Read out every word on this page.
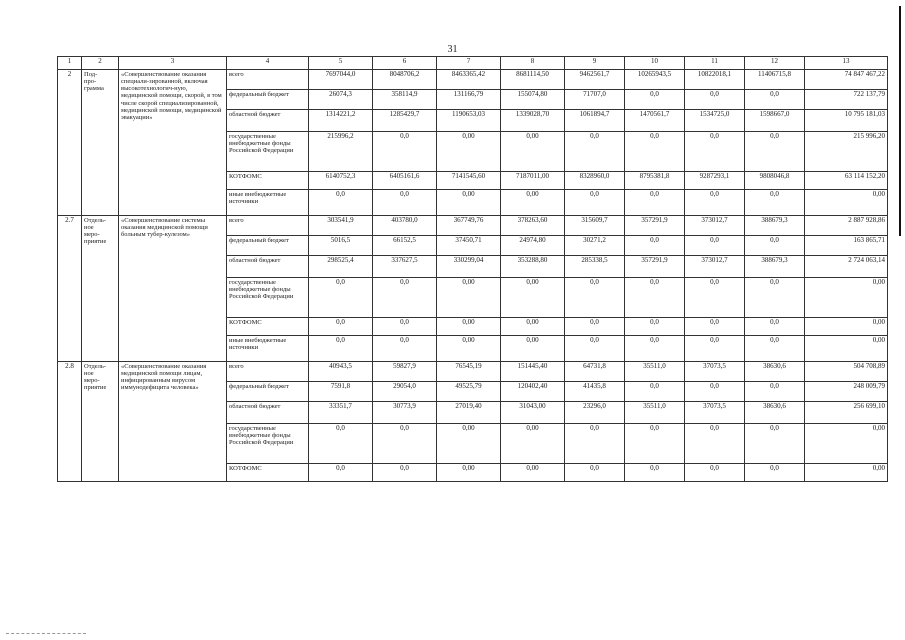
31
1	2	3	4	5	6	7	8	9	10	11	12	13
2	Под-
про-
грамма	«Совершенствование оказания специали-зированной, включая высокотехнологич-ную, медицинской помощи, скорой, в том числе скорой специализированной, медицинской помощи, медицинской эвакуации»	всего	7697044,0	8048706,2	8463365,42	8681114,50	9462561,7	10265943,5	10822018,1	11406715,8	74 847 467,22
			федеральный бюджет	26074,3	358114,9	131166,79	155074,80	71707,0	0,0	0,0	0,0	722 137,79
			областной бюджет	1314221,2	1285429,7	1190653,03	1339028,70	1061894,7	1470561,7	1534725,0	1598667,0	10 795 181,03
			государственные внебюджетные фонды Российской Федерации	215996,2	0,0	0,00	0,00	0,0	0,0	0,0	0,0	215 996,20
			КОТФОМС	6140752,3	6405161,6	7141545,60	7187011,00	8328960,0	8795381,8	9287293,1	9808046,8	63 114 152,20
			иные внебюджетные источники	0,0	0,0	0,00	0,00	0,0	0,0	0,0	0,0	0,00
2.7	Отдель-
ное
меро-
приятие	«Совершенствование системы оказания медицинской помощи больным тубер-кулезом»	всего	303541,9	403780,0	367749,76	378263,60	315609,7	357291,9	373012,7	388679,3	2 887 928,86
			федеральный бюджет	5016,5	66152,5	37450,71	24974,80	30271,2	0,0	0,0	0,0	163 865,71
			областной бюджет	298525,4	337627,5	330299,04	353288,80	285338,5	357291,9	373012,7	388679,3	2 724 063,14
			государственные внебюджетные фонды Российской Федерации	0,0	0,0	0,00	0,00	0,0	0,0	0,0	0,0	0,00
			КОТФОМС	0,0	0,0	0,00	0,00	0,0	0,0	0,0	0,0	0,00
			иные внебюджетные источники	0,0	0,0	0,00	0,00	0,0	0,0	0,0	0,0	0,00
2.8	Отдель-
ное
меро-
приятие	«Совершенствование оказания медицинской помощи лицам, инфицированным вирусом иммунодефицита человека»	всего	40943,5	59827,9	76545,19	151445,40	64731,8	35511,0	37073,5	38630,6	504 708,89
			федеральный бюджет	7591,8	29054,0	49525,79	120402,40	41435,8	0,0	0,0	0,0	248 009,79
			областной бюджет	33351,7	30773,9	27019,40	31043,00	23296,0	35511,0	37073,5	38630,6	256 699,10
			государственные внебюджетные фонды Российской Федерации	0,0	0,0	0,00	0,00	0,0	0,0	0,0	0,0	0,00
			КОТФОМС	0,0	0,0	0,00	0,00	0,0	0,0	0,0	0,0	0,00
